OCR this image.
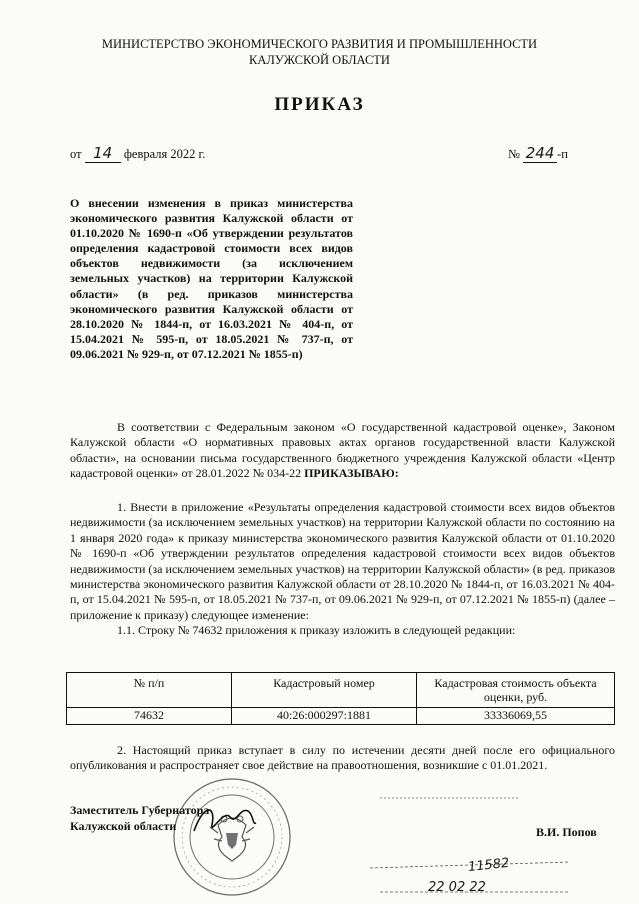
МИНИСТЕРСТВО ЭКОНОМИЧЕСКОГО РАЗВИТИЯ И ПРОМЫШЛЕННОСТИ
КАЛУЖСКОЙ ОБЛАСТИ
ПРИКАЗ
от 14 февраля 2022 г.	№ 244 -п
О внесении изменения в приказ министерства экономического развития Калужской области от 01.10.2020 № 1690-п «Об утверждении результатов определения кадастровой стоимости всех видов объектов недвижимости (за исключением земельных участков) на территории Калужской области» (в ред. приказов министерства экономического развития Калужской области от 28.10.2020 № 1844-п, от 16.03.2021 № 404-п, от 15.04.2021 № 595-п, от 18.05.2021 № 737-п, от 09.06.2021 № 929-п, от 07.12.2021 № 1855-п)
В соответствии с Федеральным законом «О государственной кадастровой оценке», Законом Калужской области «О нормативных правовых актах органов государственной власти Калужской области», на основании письма государственного бюджетного учреждения Калужской области «Центр кадастровой оценки» от 28.01.2022 № 034-22 ПРИКАЗЫВАЮ:
1. Внести в приложение «Результаты определения кадастровой стоимости всех видов объектов недвижимости (за исключением земельных участков) на территории Калужской области по состоянию на 1 января 2020 года» к приказу министерства экономического развития Калужской области от 01.10.2020 № 1690-п «Об утверждении результатов определения кадастровой стоимости всех видов объектов недвижимости (за исключением земельных участков) на территории Калужской области» (в ред. приказов министерства экономического развития Калужской области от 28.10.2020 № 1844-п, от 16.03.2021 № 404-п, от 15.04.2021 № 595-п, от 18.05.2021 № 737-п, от 09.06.2021 № 929-п, от 07.12.2021 № 1855-п) (далее – приложение к приказу) следующее изменение:
1.1. Строку № 74632 приложения к приказу изложить в следующей редакции:
№ п/п	Кадастровый номер	Кадастровая стоимость объекта оценки, руб.
74632	40:26:000297:1881	33336069,55
2. Настоящий приказ вступает в силу по истечении десяти дней после его официального опубликования и распространяет свое действие на правоотношения, возникшие с 01.01.2021.
Заместитель Губернатора
Калужской области	В.И. Попов
11582
22 02 22
